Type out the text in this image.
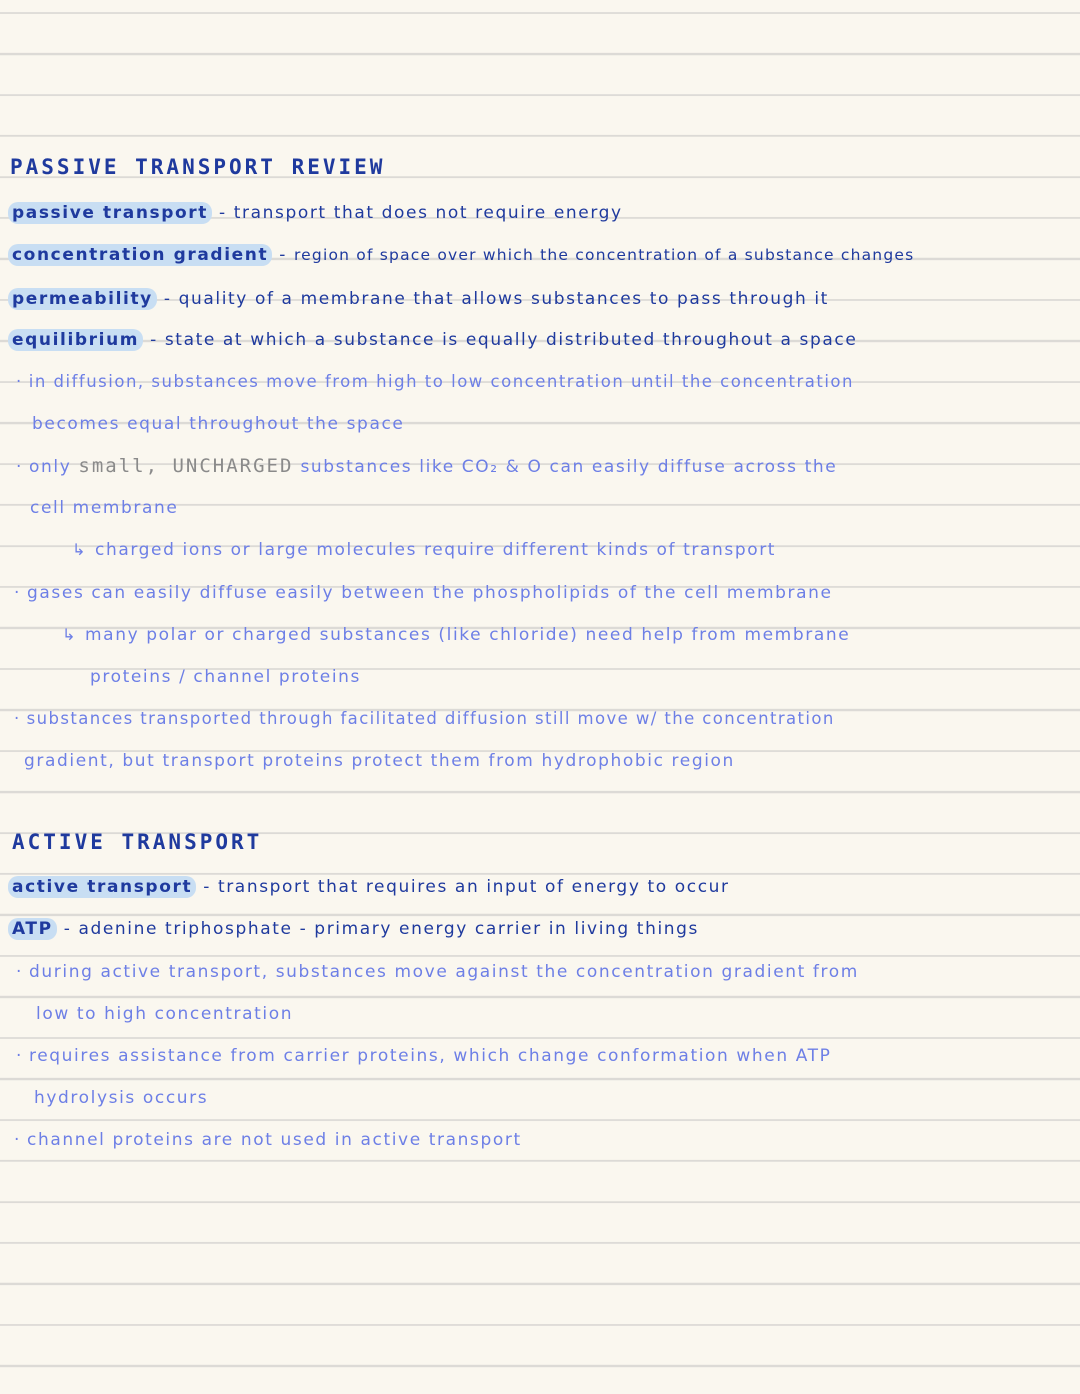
PASSIVE TRANSPORT REVIEW
passive transport - transport that does not require energy
concentration gradient - region of space over which the concentration of a substance changes
permeability - quality of a membrane that allows substances to pass through it
equilibrium - state at which a substance is equally distributed throughout a space
· in diffusion, substances move from high to low concentration until the concentration
becomes equal throughout the space
· only small, UNCHARGED substances like CO₂ & O can easily diffuse across the
cell membrane
↳ charged ions or large molecules require different kinds of transport
· gases can easily diffuse easily between the phospholipids of the cell membrane
↳ many polar or charged substances (like chloride) need help from membrane
proteins / channel proteins
· substances transported through facilitated diffusion still move w/ the concentration
gradient, but transport proteins protect them from hydrophobic region
ACTIVE TRANSPORT
active transport - transport that requires an input of energy to occur
ATP - adenine triphosphate - primary energy carrier in living things
· during active transport, substances move against the concentration gradient from
low to high concentration
· requires assistance from carrier proteins, which change conformation when ATP
hydrolysis occurs
· channel proteins are not used in active transport
